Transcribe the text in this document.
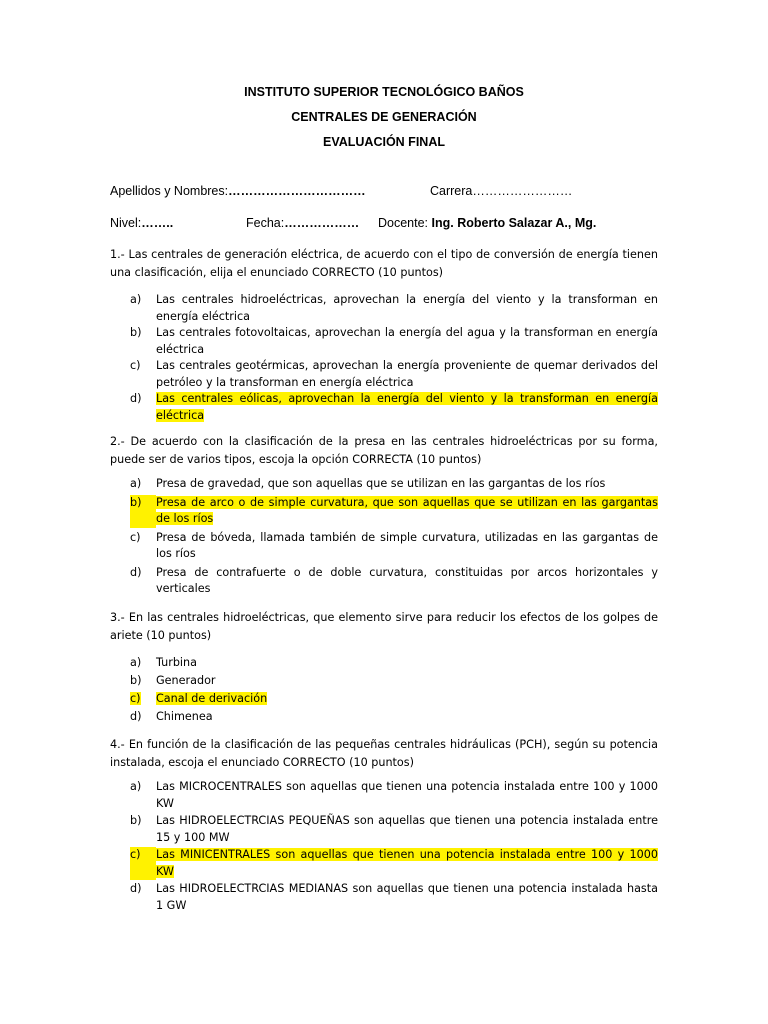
INSTITUTO SUPERIOR TECNOLÓGICO BAÑOS
CENTRALES DE GENERACIÓN
EVALUACIÓN FINAL
Apellidos y Nombres:……………………………	Carrera……………………
Nivel:……..	Fecha:……………… Docente: Ing. Roberto Salazar A., Mg.
1.- Las centrales de generación eléctrica, de acuerdo con el tipo de conversión de energía tienen una clasificación, elija el enunciado CORRECTO (10 puntos)
a)	Las centrales hidroeléctricas, aprovechan la energía del viento y la transforman en energía eléctrica
b)	Las centrales fotovoltaicas, aprovechan la energía del agua y la transforman en energía eléctrica
c)	Las centrales geotérmicas, aprovechan la energía proveniente de quemar derivados del petróleo y la transforman en energía eléctrica
d)	Las centrales eólicas, aprovechan la energía del viento y la transforman en energía eléctrica
2.- De acuerdo con la clasificación de la presa en las centrales hidroeléctricas por su forma, puede ser de varios tipos, escoja la opción CORRECTA (10 puntos)
a)	Presa de gravedad, que son aquellas que se utilizan en las gargantas de los ríos
b)	Presa de arco o de simple curvatura, que son aquellas que se utilizan en las gargantas de los ríos
c)	Presa de bóveda, llamada también de simple curvatura, utilizadas en las gargantas de los ríos
d)	Presa de contrafuerte o de doble curvatura, constituidas por arcos horizontales y verticales
3.- En las centrales hidroeléctricas, que elemento sirve para reducir los efectos de los golpes de ariete (10 puntos)
a)	Turbina
b)	Generador
c)	Canal de derivación
d)	Chimenea
4.- En función de la clasificación de las pequeñas centrales hidráulicas (PCH), según su potencia instalada, escoja el enunciado CORRECTO (10 puntos)
a)	Las MICROCENTRALES son aquellas que tienen una potencia instalada entre 100 y 1000 KW
b)	Las HIDROELECTRCIAS PEQUEÑAS son aquellas que tienen una potencia instalada entre 15 y 100 MW
c)	Las MINICENTRALES son aquellas que tienen una potencia instalada entre 100 y 1000 KW
d)	Las HIDROELECTRCIAS MEDIANAS son aquellas que tienen una potencia instalada hasta 1 GW
